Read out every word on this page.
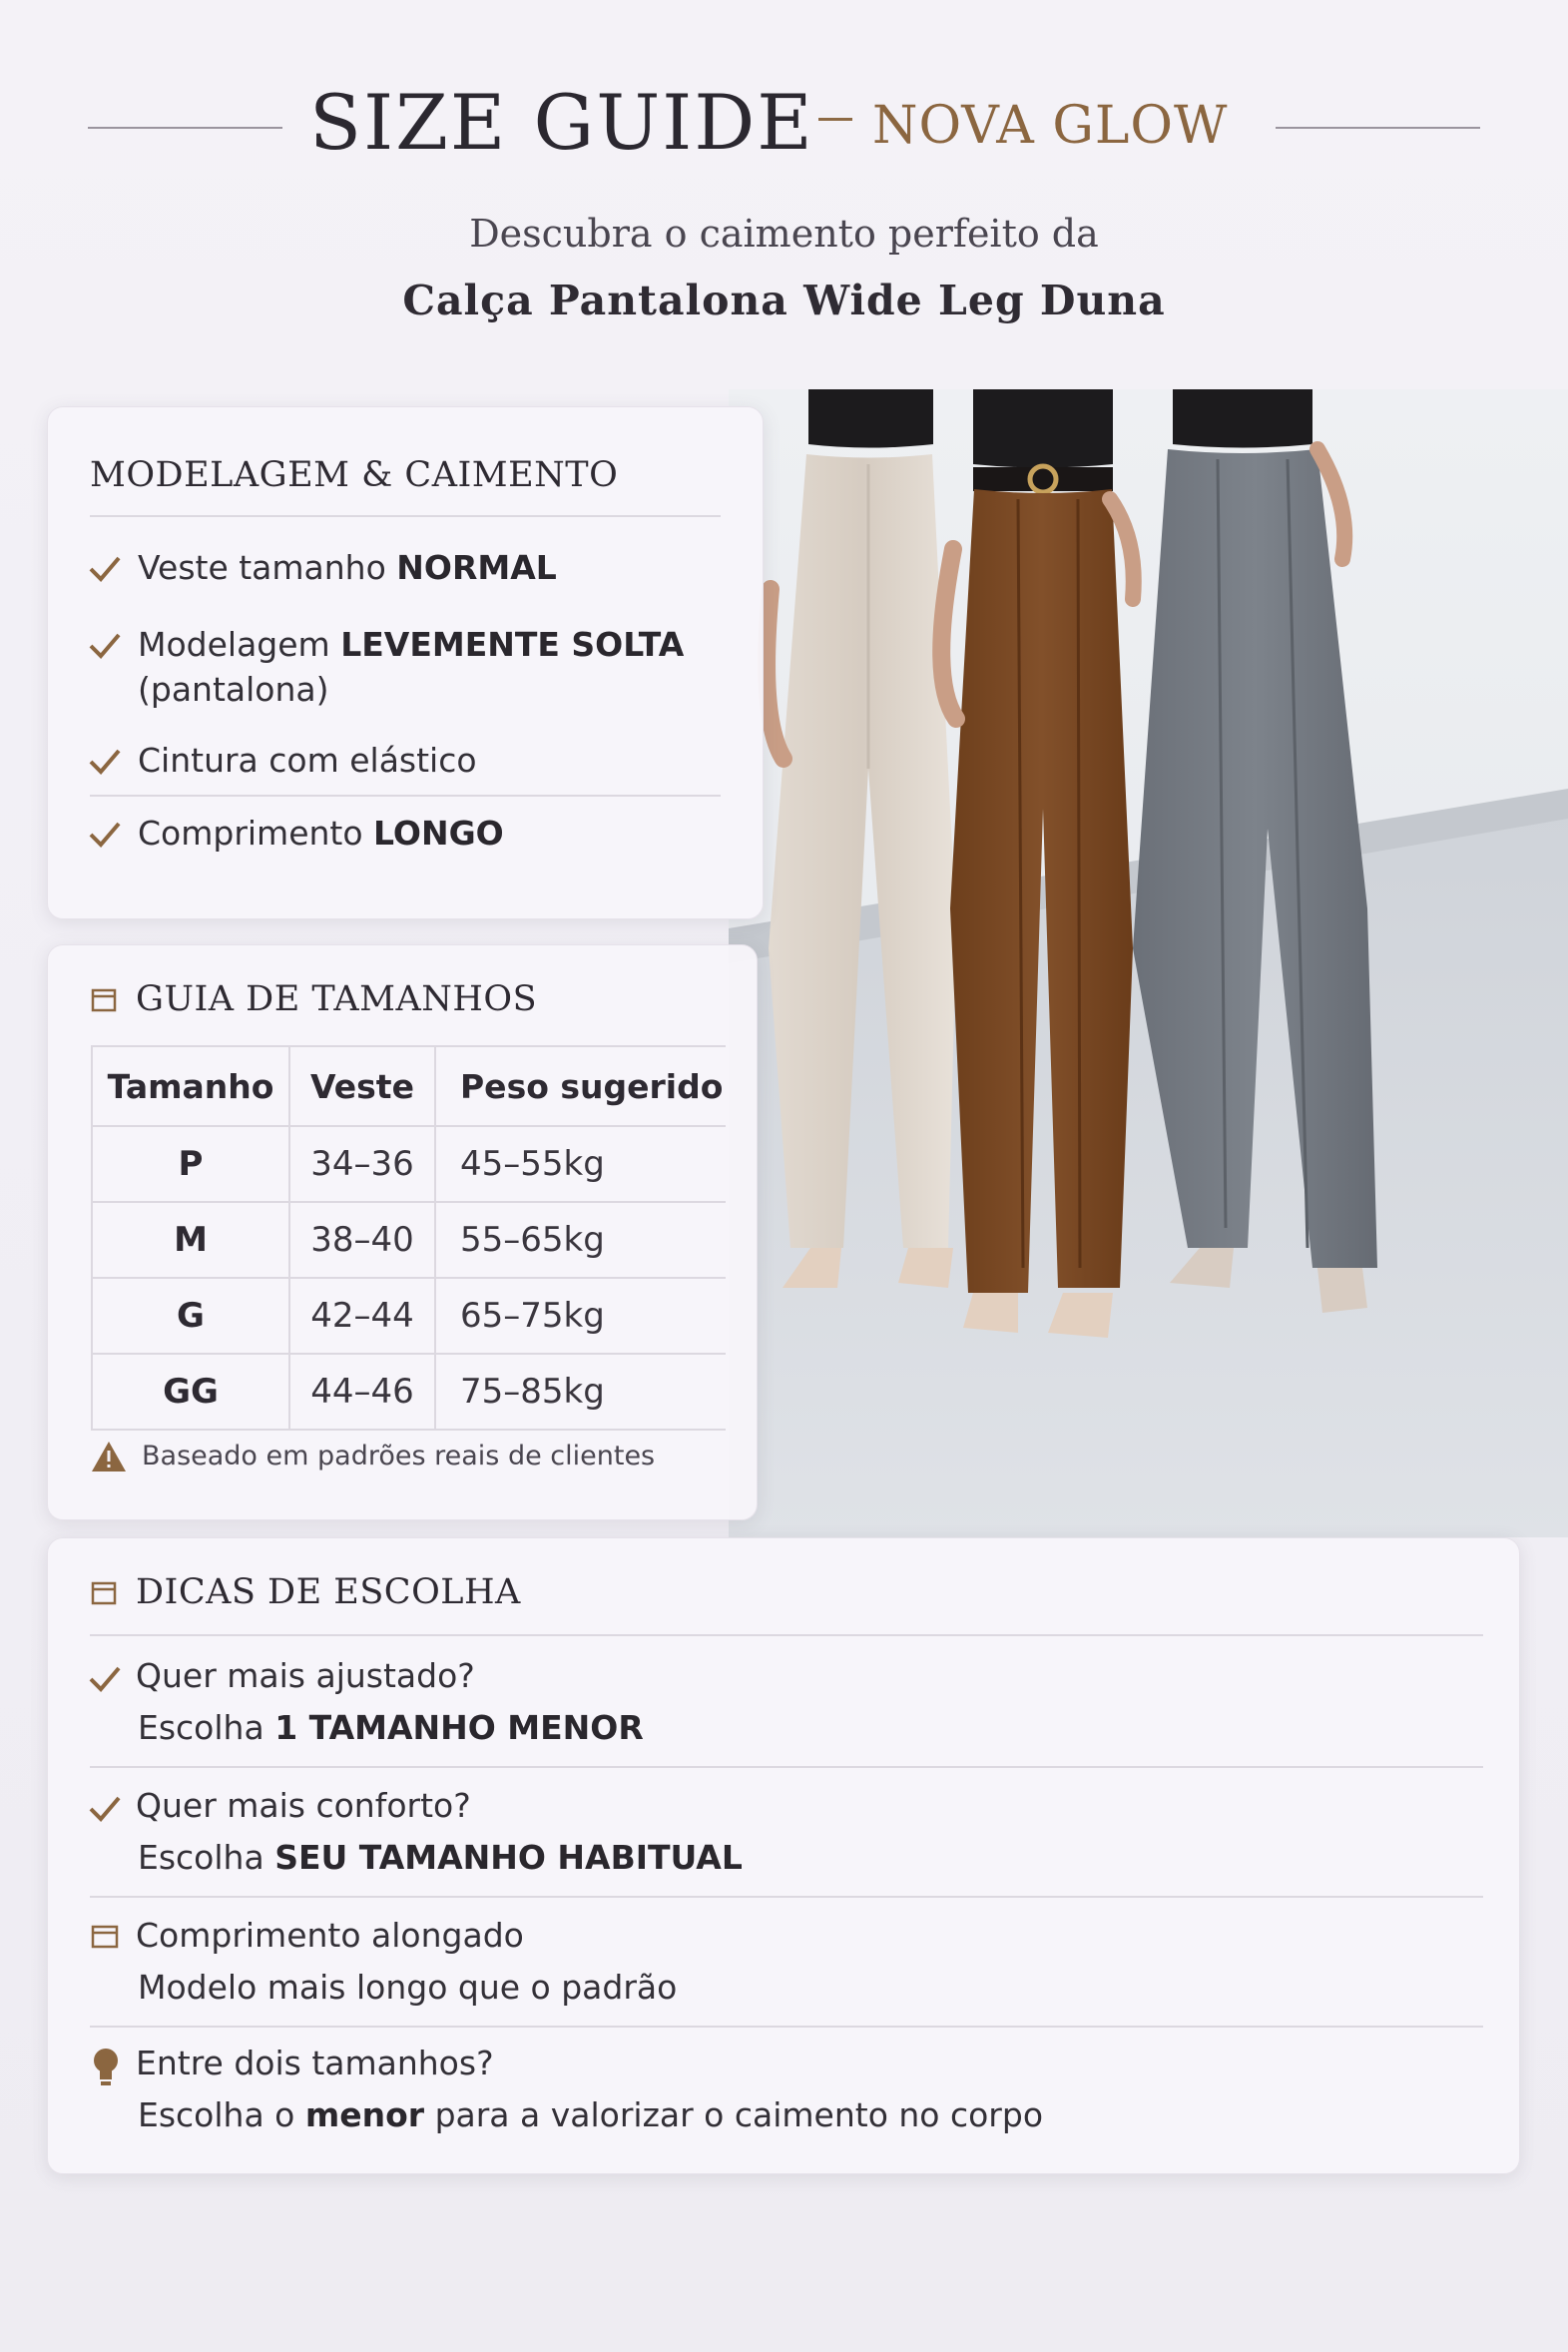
SIZE GUIDE NOVA GLOW
Descubra o caimento perfeito da
Calça Pantalona Wide Leg Duna
MODELAGEM & CAIMENTO
Veste tamanho NORMAL
Modelagem LEVEMENTE SOLTA
(pantalona)
Cintura com elástico
Comprimento LONGO
GUIA DE TAMANHOS
Tamanho	Veste	Peso sugerido
P	34–36	45–55kg
M	38–40	55–65kg
G	42–44	65–75kg
GG	44–46	75–85kg
Baseado em padrões reais de clientes
DICAS DE ESCOLHA
Quer mais ajustado?
Escolha 1 TAMANHO MENOR
Quer mais conforto?
Escolha SEU TAMANHO HABITUAL
Comprimento alongado
Modelo mais longo que o padrão
Entre dois tamanhos?
Escolha o menor para a valorizar o caimento no corpo
